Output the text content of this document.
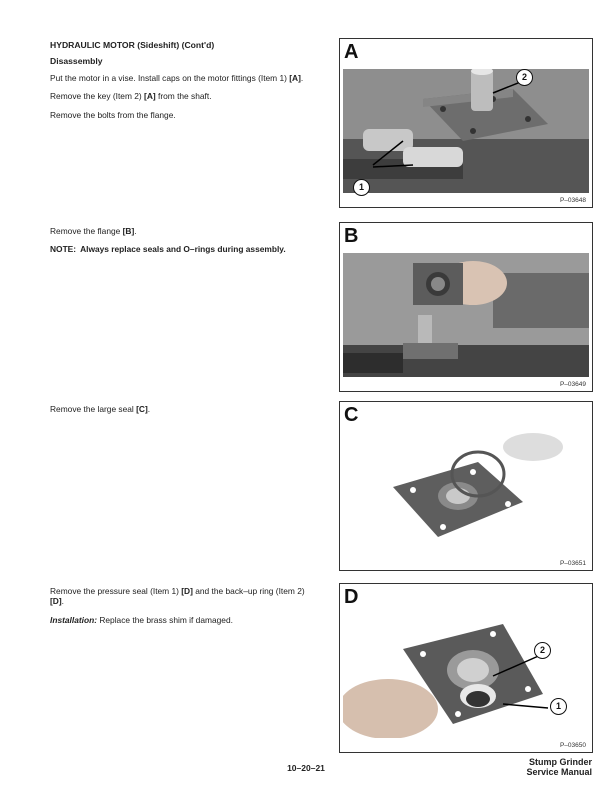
HYDRAULIC MOTOR (Sideshift) (Cont'd)

Disassembly

Put the motor in a vise. Install caps on the motor fittings (Item 1) [A].

Remove the key (Item 2) [A] from the shaft.

Remove the bolts from the flange.

Remove the flange [B].

NOTE: Always replace seals and O–rings during assembly.

Remove the large seal [C].

Remove the pressure seal (Item 1) [D] and the back–up ring (Item 2) [D].

Installation: Replace the brass shim if damaged.

A
2
1
P–03648
B
P–03649
C
P–03651
D
2
1
P–03650
10–20–21
Stump Grinder
Service Manual
